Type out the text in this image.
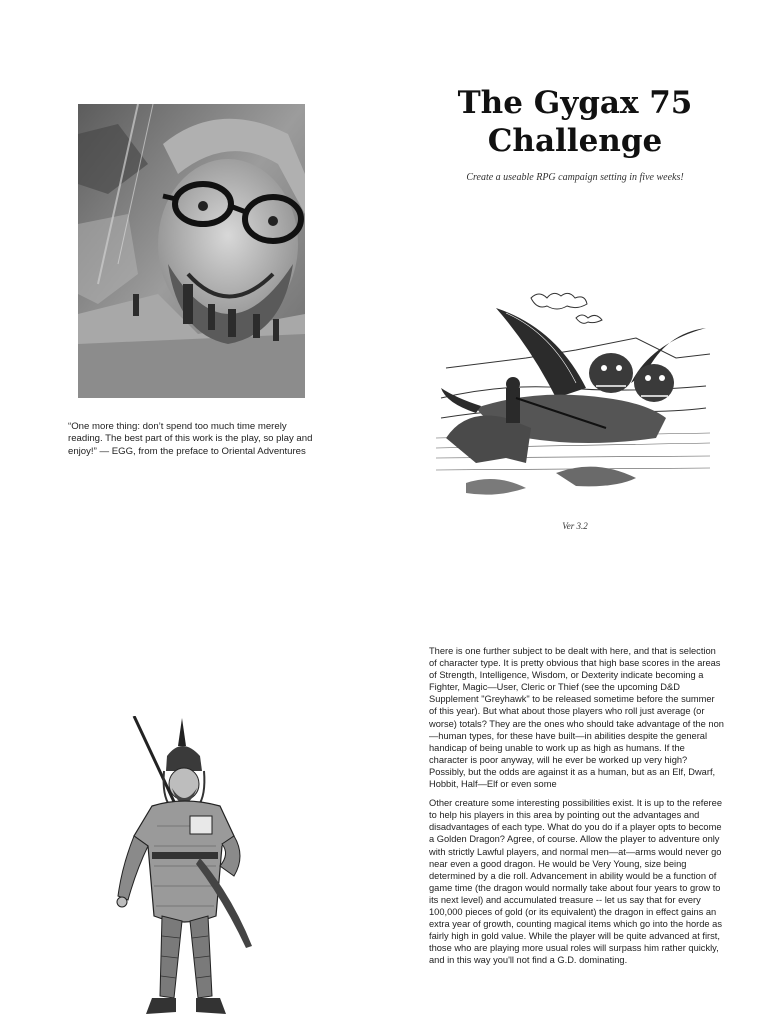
The Gygax 75
Challenge
Create a useable RPG campaign setting in five weeks!
“One more thing: don’t spend too much time merely reading. The best part of this work is the play, so play and enjoy!” — EGG, from the preface to Oriental Adventures
Ver 3.2

There is one further subject to be dealt with here, and that is selection of character type. It is pretty obvious that high base scores in the areas of Strength, Intelligence, Wisdom, or Dexterity indicate becoming a Fighter, Magic—User, Cleric or Thief (see the upcoming D&D Supplement "Greyhawk" to be released sometime before the summer of this year). But what about those players who roll just average (or worse) totals? They are the ones who should take advantage of the non—human types, for these have built—in abilities despite the general handicap of being unable to work up as high as humans. If the character is poor anyway, will he ever be worked up very high? Possibly, but the odds are against it as a human, but as an Elf, Dwarf, Hobbit, Half—Elf or even some

Other creature some interesting possibilities exist. It is up to the referee to help his players in this area by pointing out the advantages and disadvantages of each type. What do you do if a player opts to become a Golden Dragon? Agree, of course. Allow the player to adventure only with strictly Lawful players, and normal men—at—arms would never go near even a good dragon. He would be Very Young, size being determined by a die roll. Advancement in ability would be a function of game time (the dragon would normally take about four years to grow to its next level) and accumulated treasure -- let us say that for every 100,000 pieces of gold (or its equivalent) the dragon in effect gains an extra year of growth, counting magical items which go into the horde as fairly high in gold value. While the player will be quite advanced at first, those who are playing more usual roles will surpass him rather quickly, and in this way you'll not find a G.D. dominating.
